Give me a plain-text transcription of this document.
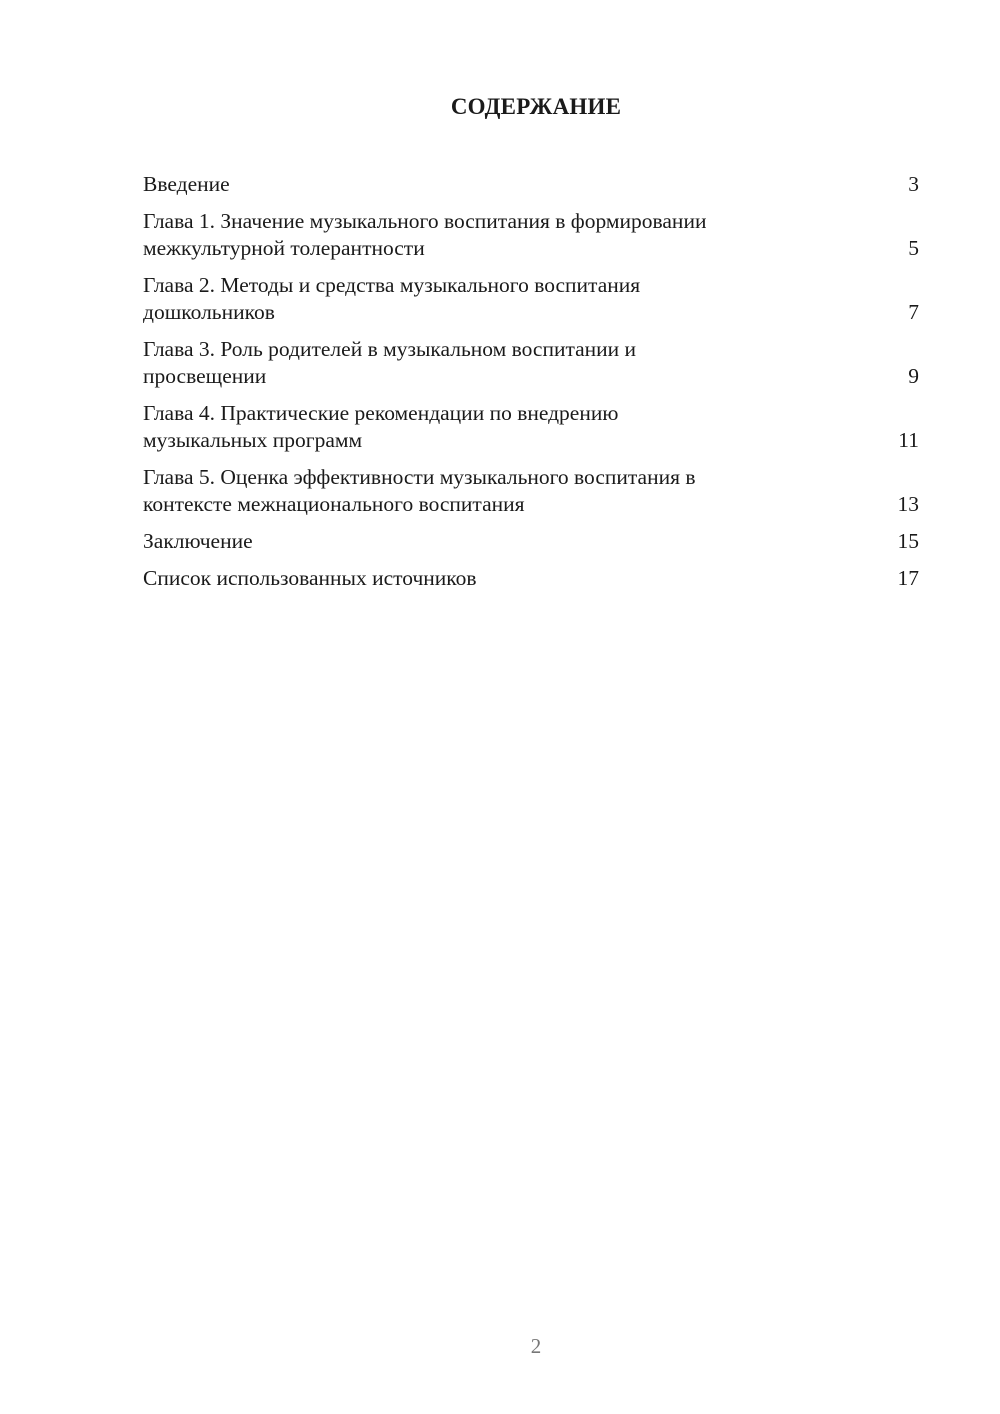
СОДЕРЖАНИЕ
Введение	3
Глава 1. Значение музыкального воспитания в формировании
межкультурной толерантности	5
Глава 2. Методы и средства музыкального воспитания
дошкольников	7
Глава 3. Роль родителей в музыкальном воспитании и
просвещении	9
Глава 4. Практические рекомендации по внедрению
музыкальных программ	11
Глава 5. Оценка эффективности музыкального воспитания в
контексте межнационального воспитания	13
Заключение	15
Список использованных источников	17
2
